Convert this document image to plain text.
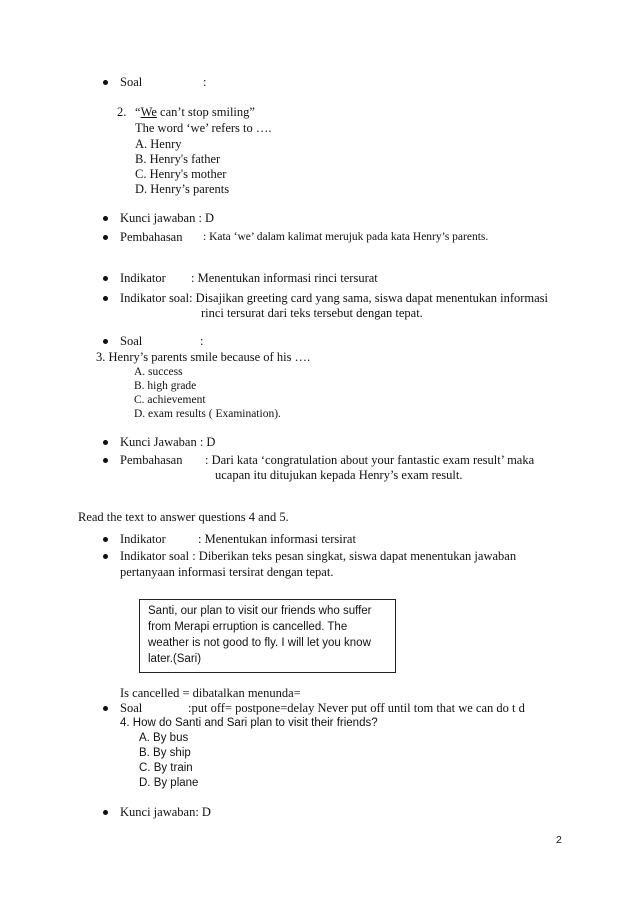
Soal	:
2. “We can’t stop smiling”
The word ‘we’ refers to ….
A. Henry
B. Henry's father
C. Henry's mother
D. Henry’s parents
Kunci jawaban : D
Pembahasan : Kata ‘we’ dalam kalimat merujuk pada kata Henry’s parents.
Indikator : Menentukan informasi rinci tersurat
Indikator soal: Disajikan greeting card yang sama, siswa dapat menentukan informasi
rinci tersurat dari teks tersebut dengan tepat.
Soal	:
3. Henry’s parents smile because of his ….
A. success
B. high grade
C. achievement
D. exam results ( Examination).
Kunci Jawaban : D
Pembahasan : Dari kata ‘congratulation about your fantastic exam result’ maka
ucapan itu ditujukan kepada Henry’s exam result.
Read the text to answer questions 4 and 5.
Indikator	: Menentukan informasi tersirat
Indikator soal : Diberikan teks pesan singkat, siswa dapat menentukan jawaban
pertanyaan informasi tersirat dengan tepat.
Santi, our plan to visit our friends who suffer
from Merapi erruption is cancelled. The
weather is not good to fly. I will let you know
later.(Sari)
Is cancelled = dibatalkan menunda=
Soal	:put off= postpone=delay Never put off until tom that we can do t d
4. How do Santi and Sari plan to visit their friends?
A. By bus
B. By ship
C. By train
D. By plane
Kunci jawaban: D
2
